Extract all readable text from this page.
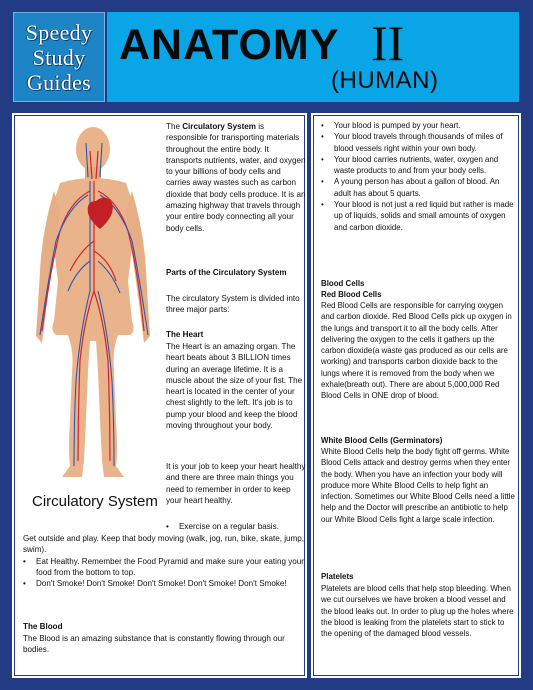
Speedy
Study
Guides
ANATOMY II
(HUMAN)
Circulatory System
The Circulatory System is responsible for transporting materials throughout the entire body. It transports nutrients, water, and oxygen to your billions of body cells and carries away wastes such as carbon dioxide that body cells produce. It is an amazing highway that travels through your entire body connecting all your body cells.
Parts of the Circulatory System
The circulatory System is divided into three major parts:
The Heart
The Heart is an amazing organ. The heart beats about 3 BILLION times during an average lifetime. It is a muscle about the size of your fist. The heart is located in the center of your chest slightly to the left. It's job is to pump your blood and keep the blood moving throughout your body.
It is your job to keep your heart healthy and there are three main things you need to remember in order to keep your heart healthy.
• Exercise on a regular basis.
Get outside and play. Keep that body moving (walk, jog, run, bike, skate, jump, swim).
• Eat Healthy. Remember the Food Pyramid and make sure your eating your food from the bottom to top.
• Don't Smoke! Don't Smoke! Don't Smoke! Don't Smoke! Don't Smoke!
The Blood
The Blood is an amazing substance that is constantly flowing through our bodies.
• Your blood is pumped by your heart.
• Your blood travels through thousands of miles of blood vessels right within your own body.
• Your blood carries nutrients, water, oxygen and waste products to and from your body cells.
• A young person has about a gallon of blood. An adult has about 5 quarts.
• Your blood is not just a red liquid but rather is made up of liquids, solids and small amounts of oxygen and carbon dioxide.
Blood Cells
Red Blood Cells
Red Blood Cells are responsible for carrying oxygen and carbon dioxide. Red Blood Cells pick up oxygen in the lungs and transport it to all the body cells. After delivering the oxygen to the cells it gathers up the carbon dioxide(a waste gas produced as our cells are working) and transports carbon dioxide back to the lungs where it is removed from the body when we exhale(breath out). There are about 5,000,000 Red Blood Cells in ONE drop of blood.
White Blood Cells (Germinators)
White Blood Cells help the body fight off germs. White Blood Cells attack and destroy germs when they enter the body. When you have an infection your body will produce more White Blood Cells to help fight an infection. Sometimes our White Blood Cells need a little help and the Doctor will prescribe an antibiotic to help our White Blood Cells fight a large scale infection.
Platelets
Platelets are blood cells that help stop bleeding. When we cut ourselves we have broken a blood vessel and the blood leaks out. In order to plug up the holes where the blood is leaking from the platelets start to stick to the opening of the damaged blood vessels.
